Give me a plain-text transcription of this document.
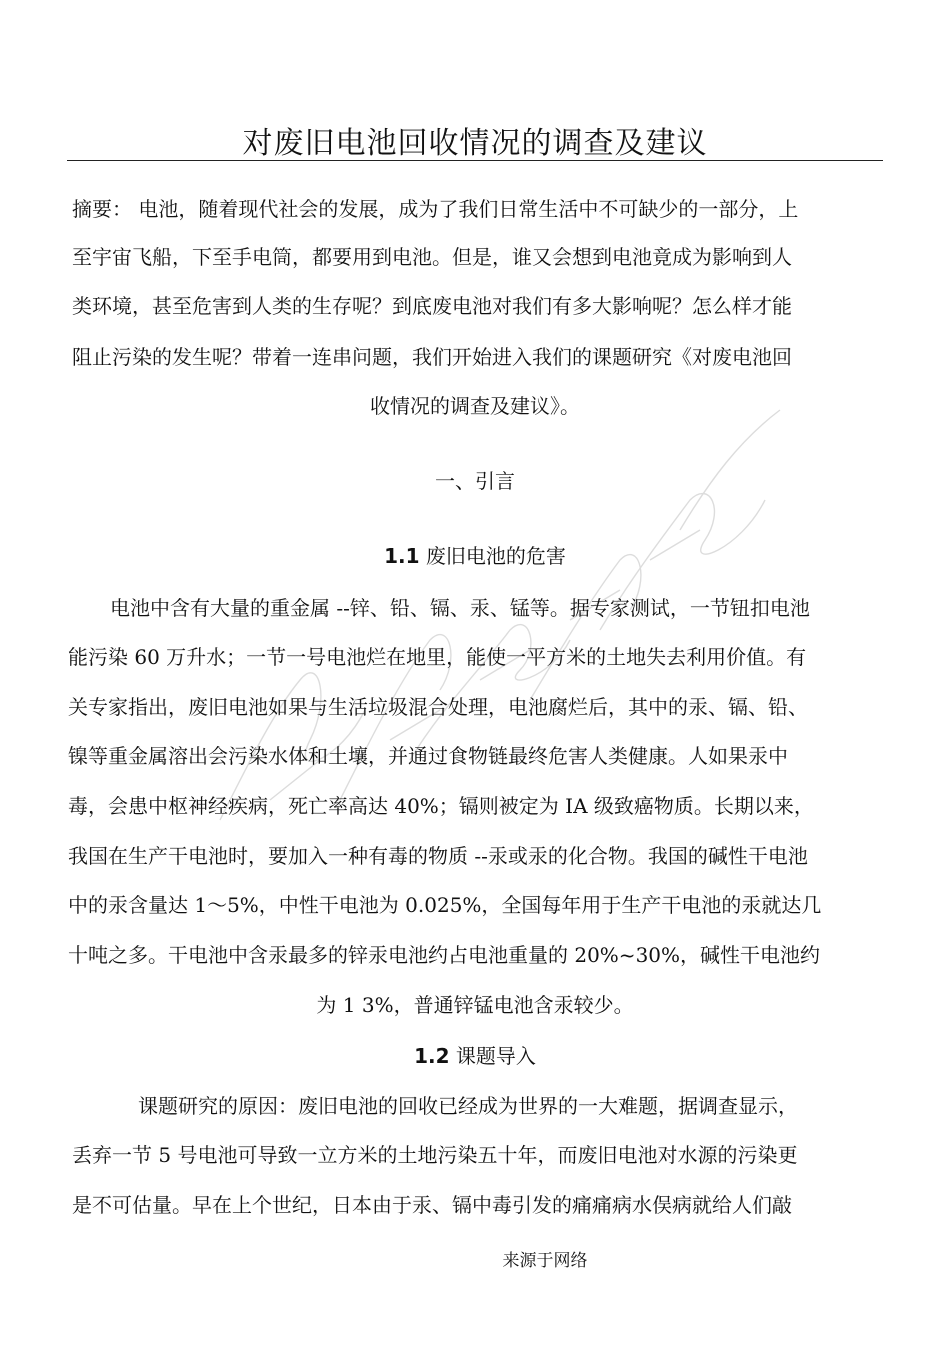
对废旧电池回收情况的调查及建议
摘要： 电池，随着现代社会的发展，成为了我们日常生活中不可缺少的一部分，上
至宇宙飞船，下至手电筒，都要用到电池。但是，谁又会想到电池竟成为影响到人
类环境，甚至危害到人类的生存呢？到底废电池对我们有多大影响呢？怎么样才能
阻止污染的发生呢？带着一连串问题，我们开始进入我们的课题研究《对废电池回
收情况的调查及建议》。
一、引言
1.1 废旧电池的危害
电池中含有大量的重金属 --锌、铅、镉、汞、锰等。据专家测试，一节钮扣电池
能污染 60 万升水；一节一号电池烂在地里，能使一平方米的土地失去利用价值。有
关专家指出，废旧电池如果与生活垃圾混合处理，电池腐烂后，其中的汞、镉、铅、
镍等重金属溶出会污染水体和土壤，并通过食物链最终危害人类健康。人如果汞中
毒，会患中枢神经疾病，死亡率高达 40%；镉则被定为 IA 级致癌物质。长期以来，
我国在生产干电池时，要加入一种有毒的物质 --汞或汞的化合物。我国的碱性干电池
中的汞含量达 1～5%，中性干电池为 0.025%，全国每年用于生产干电池的汞就达几
十吨之多。干电池中含汞最多的锌汞电池约占电池重量的 20%~30%，碱性干电池约
为 1 3%，普通锌锰电池含汞较少。
1.2 课题导入
课题研究的原因：废旧电池的回收已经成为世界的一大难题，据调查显示，
丢弃一节 5 号电池可导致一立方米的土地污染五十年，而废旧电池对水源的污染更
是不可估量。早在上个世纪，日本由于汞、镉中毒引发的痛痛病水俣病就给人们敲
来源于网络
